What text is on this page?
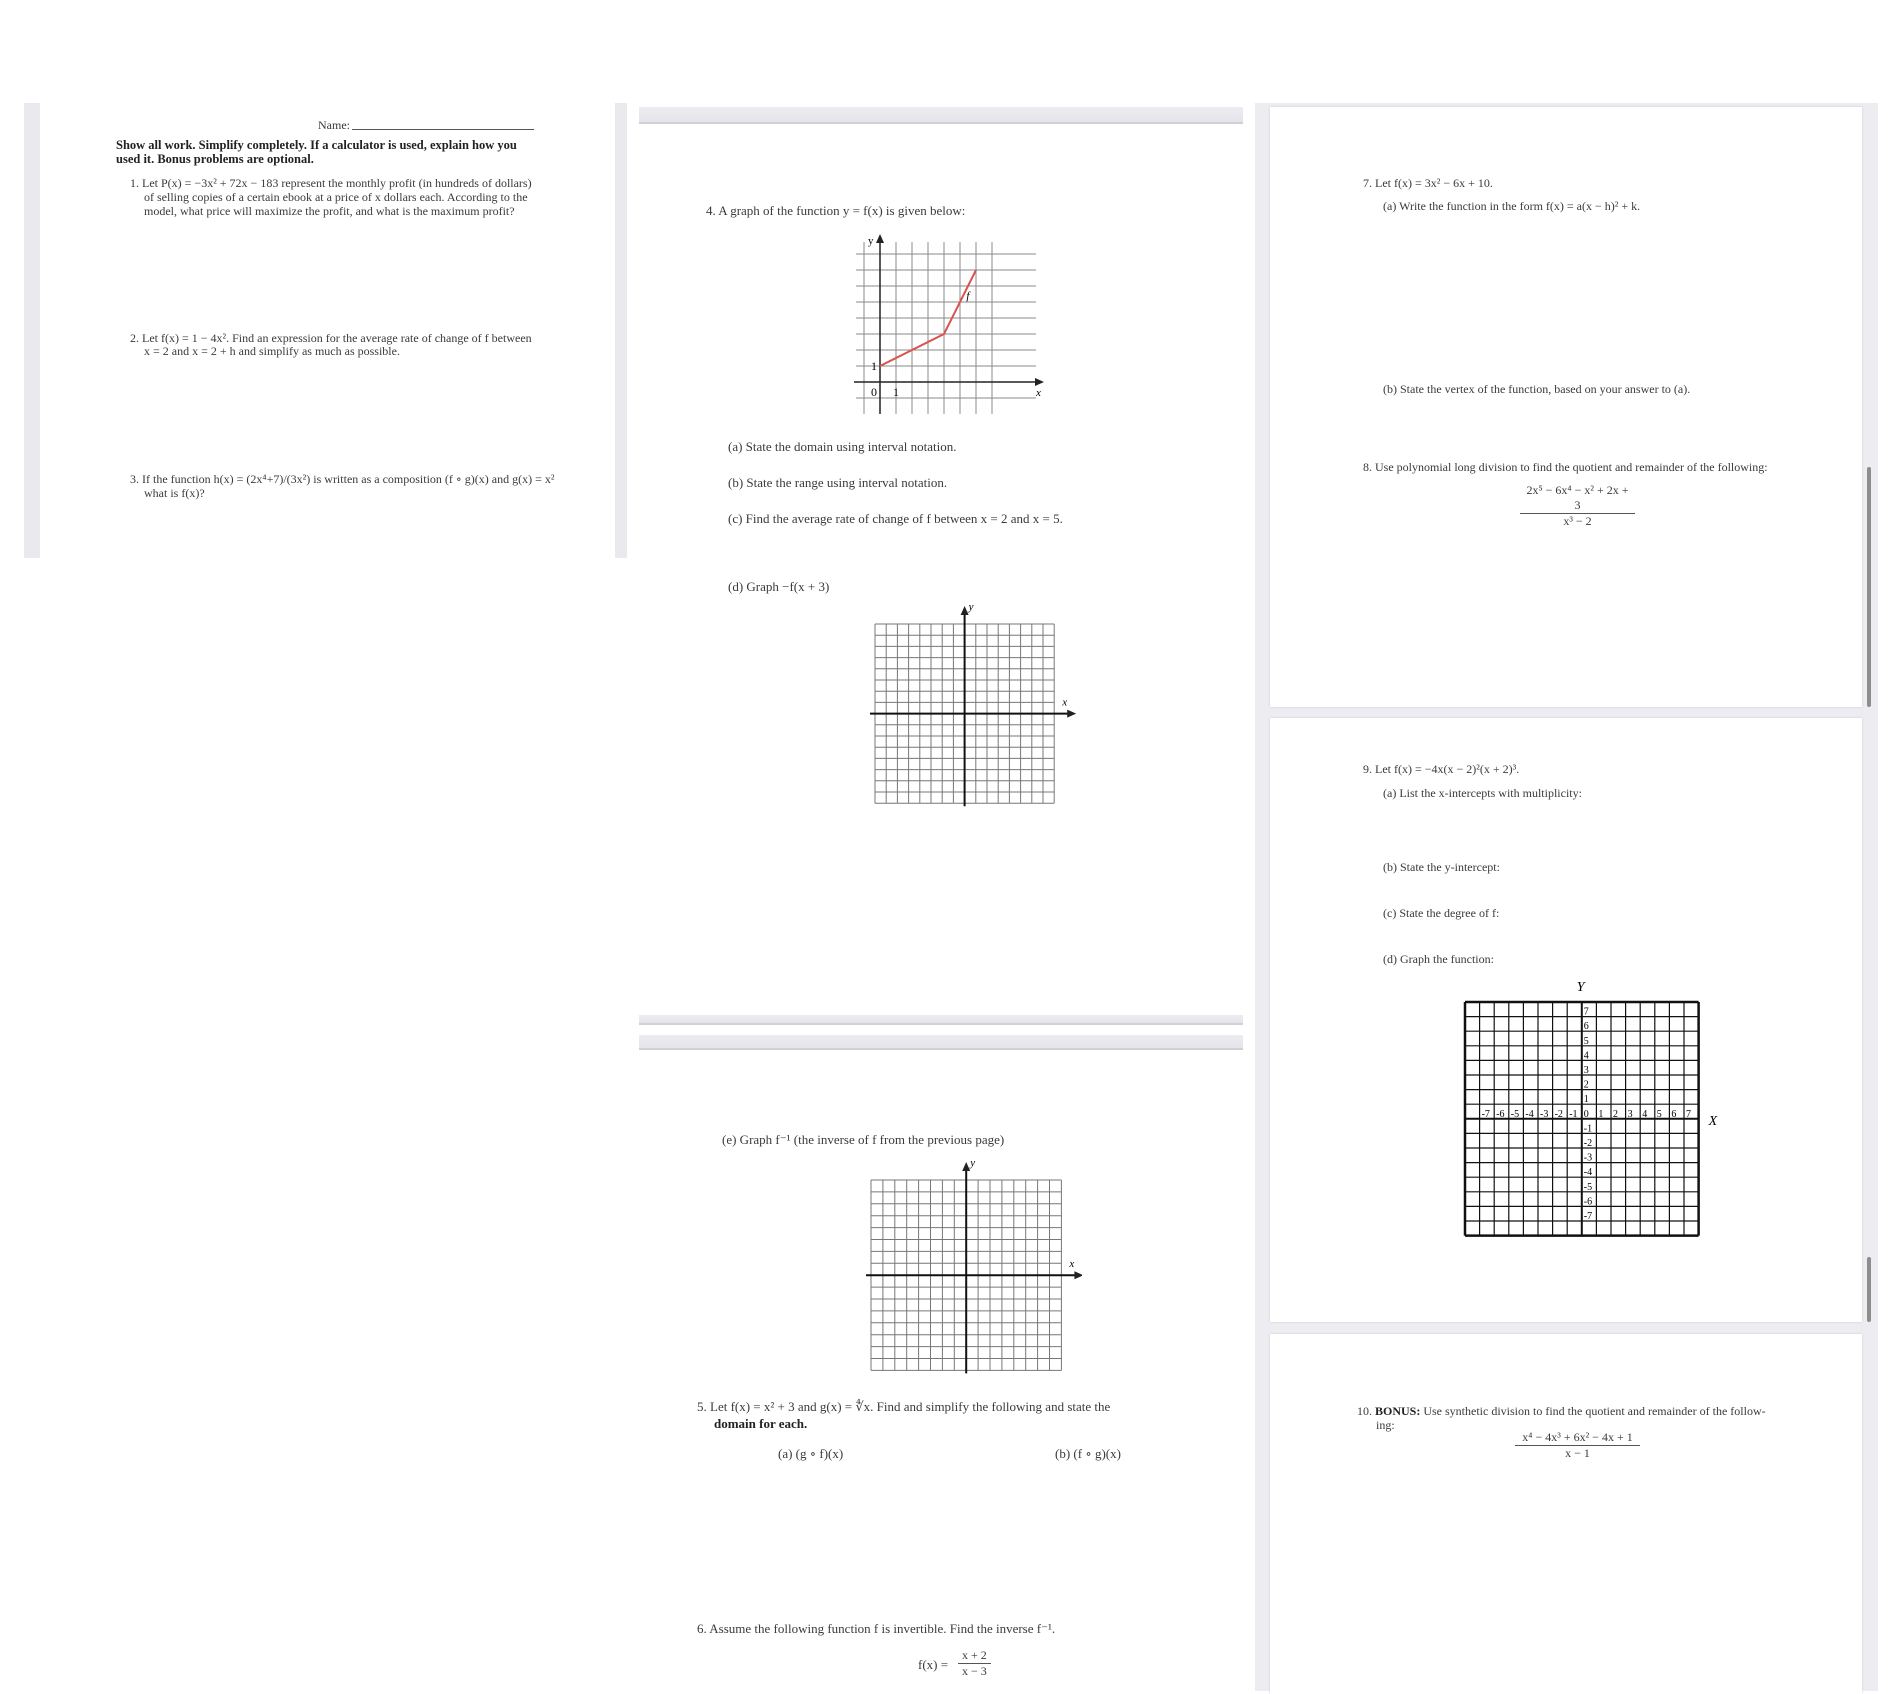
Name:
Show all work. Simplify completely. If a calculator is used, explain how you
used it. Bonus problems are optional.
1. Let P(x) = −3x² + 72x − 183 represent the monthly profit (in hundreds of dollars)
of selling copies of a certain ebook at a price of x dollars each. According to the
model, what price will maximize the profit, and what is the maximum profit?
2. Let f(x) = 1 − 4x². Find an expression for the average rate of change of f between
x = 2 and x = 2 + h and simplify as much as possible.
3. If the function h(x) = (2x⁴+7)/(3x²) is written as a composition (f ∘ g)(x) and g(x) = x²
what is f(x)?
4. A graph of the function y = f(x) is given below:
y
x
0 1
1
f
(a) State the domain using interval notation.
(b) State the range using interval notation.
(c) Find the average rate of change of f between x = 2 and x = 5.
(d) Graph −f(x + 3)
x
y
(e) Graph f⁻¹ (the inverse of f from the previous page)
x
y
5. Let f(x) = x² + 3 and g(x) = ∜x. Find and simplify the following and state the
domain for each.
(a) (g ∘ f)(x)	(b) (f ∘ g)(x)
6. Assume the following function f is invertible. Find the inverse f⁻¹.
$f(x) = \frac{x + 2}{x - 3}$
7. Let f(x) = 3x² − 6x + 10.
(a) Write the function in the form f(x) = a(x − h)² + k.
(b) State the vertex of the function, based on your answer to (a).
8. Use polynomial long division to find the quotient and remainder of the following:
$\frac{\text{2x⁵ − 6x⁴ − x² + 2x + 3}}{\text{x³ − 2}}$
9. Let f(x) = −4x(x − 2)²(x + 2)³.
(a) List the x-intercepts with multiplicity:
(b) State the y-intercept:
(c) State the degree of f:
(d) Graph the function:
Y
-7 -6 -5 -4 -3 -2 -1 0 1 2 3 4 5 6 7
7
6
5
4
3
2
1
-1
-2
-3
-4
-5
-6
-7
X
10. BONUS: Use synthetic division to find the quotient and remainder of the follow-
ing:
$\frac{\text{x⁴ − 4x³ + 6x² − 4x + 1}}{x - 1}$
